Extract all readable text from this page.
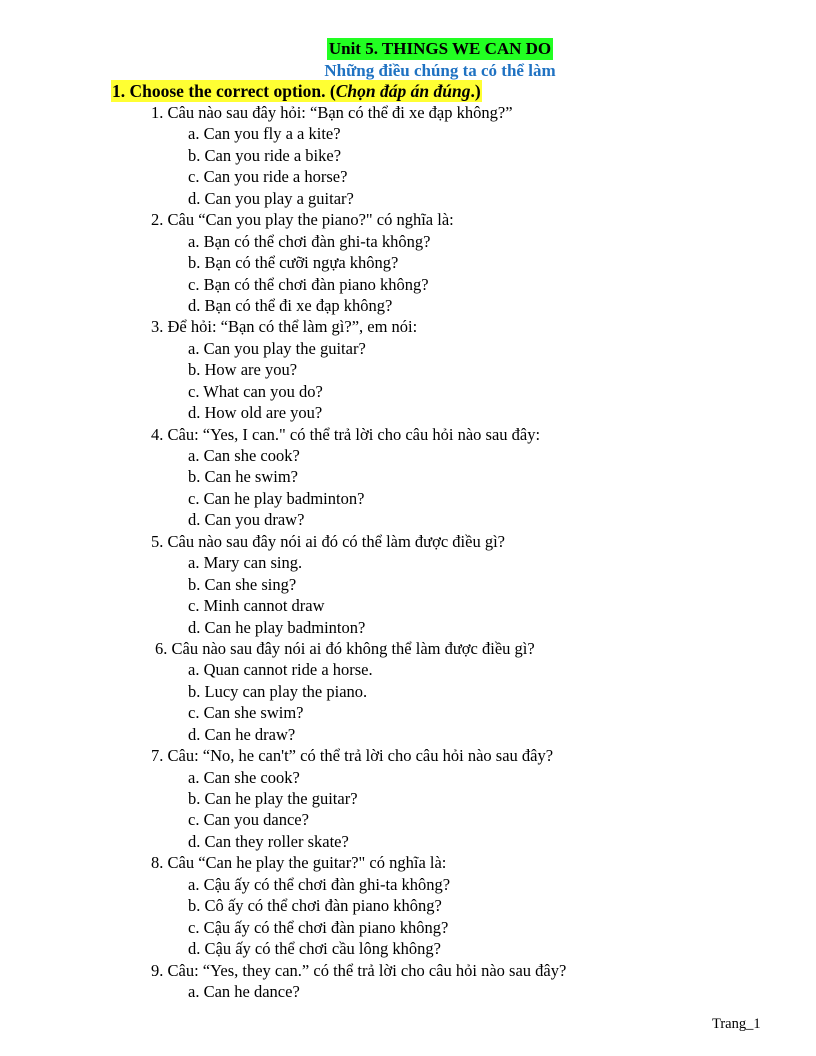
Unit 5. THINGS WE CAN DO
Những điều chúng ta có thể làm
1. Choose the correct option. (Chọn đáp án đúng.)
1. Câu nào sau đây hỏi: “Bạn có thể đi xe đạp không?”
a. Can you fly a a kite?
b. Can you ride a bike?
c. Can you ride a horse?
d. Can you play a guitar?
2. Câu “Can you play the piano?" có nghĩa là:
a. Bạn có thể chơi đàn ghi-ta không?
b. Bạn có thể cưỡi ngựa không?
c. Bạn có thể chơi đàn piano không?
d. Bạn có thể đi xe đạp không?
3. Để hỏi: “Bạn có thể làm gì?”, em nói:
a. Can you play the guitar?
b. How are you?
c. What can you do?
d. How old are you?
4. Câu: “Yes, I can." có thể trả lời cho câu hỏi nào sau đây:
a. Can she cook?
b. Can he swim?
c. Can he play badminton?
d. Can you draw?
5. Câu nào sau đây nói ai đó có thể làm được điều gì?
a. Mary can sing.
b. Can she sing?
c. Minh cannot draw
d. Can he play badminton?
6. Câu nào sau đây nói ai đó không thể làm được điều gì?
a. Quan cannot ride a horse.
b. Lucy can play the piano.
c. Can she swim?
d. Can he draw?
7. Câu: “No, he can't” có thể trả lời cho câu hỏi nào sau đây?
a. Can she cook?
b. Can he play the guitar?
c. Can you dance?
d. Can they roller skate?
8. Câu “Can he play the guitar?" có nghĩa là:
a. Cậu ấy có thể chơi đàn ghi-ta không?
b. Cô ấy có thể chơi đàn piano không?
c. Cậu ấy có thể chơi đàn piano không?
d. Cậu ấy có thể chơi cầu lông không?
9. Câu: “Yes, they can.” có thể trả lời cho câu hỏi nào sau đây?
a. Can he dance?
Trang_1
